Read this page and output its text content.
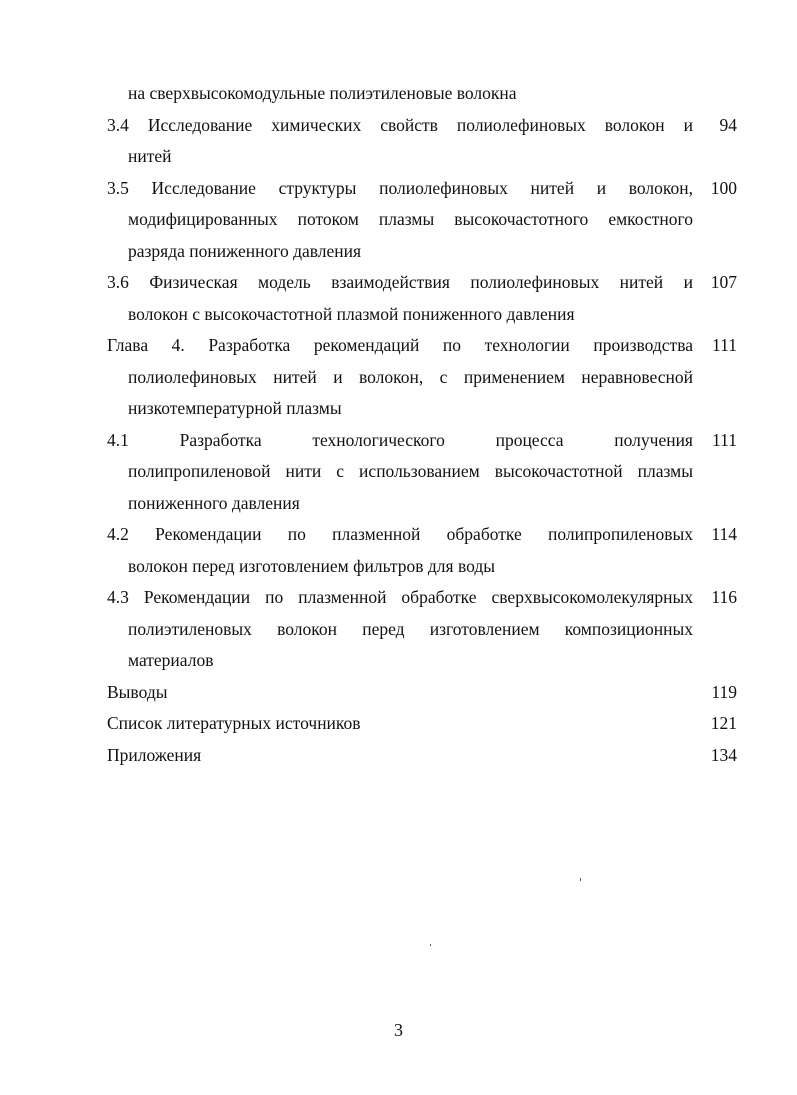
на сверхвысокомодульные полиэтиленовые волокна
3.4 Исследование химических свойств полиолефиновых волокон и 94
нитей
3.5 Исследование структуры полиолефиновых нитей и волокон, 100
модифицированных потоком плазмы высокочастотного емкостного
разряда пониженного давления
3.6 Физическая модель взаимодействия полиолефиновых нитей и 107
волокон с высокочастотной плазмой пониженного давления
Глава 4. Разработка рекомендаций по технологии производства 111
полиолефиновых нитей и волокон, с применением неравновесной
низкотемпературной плазмы
4.1 Разработка технологического процесса получения 111
полипропиленовой нити с использованием высокочастотной плазмы
пониженного давления
4.2 Рекомендации по плазменной обработке полипропиленовых 114
волокон перед изготовлением фильтров для воды
4.3 Рекомендации по плазменной обработке сверхвысокомолекулярных 116
полиэтиленовых волокон перед изготовлением композиционных
материалов
Выводы	119
Список литературных источников	121
Приложения	134
3
